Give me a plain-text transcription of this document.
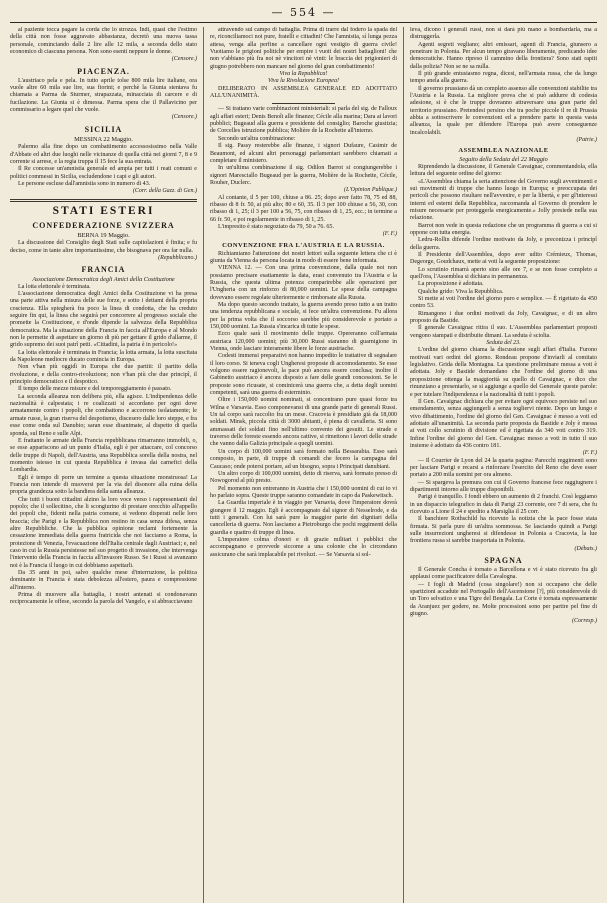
— 554 —

al paziente tocca pagare la corda che lo strozza. Indi, quasi che l'estimo della città non fosse aggravato abbastanza, decretò una nuova tassa personale, cominciando dalle 2 lire alle 12 mila, a seconda dello stato economico di ciascuna persona. Non sono esenti neppure le donne.

(Censore.)
PIACENZA.

L'austriaco pela e pela. In tutto aprile tolse 800 mila lire italiane, ora vuole altre 60 mila sue lire, sua fiorini; e perchè la Giunta stentava fu chiamata a Parma da Sturmer, strapazzata, minacciata di carcere e di fucilazione. La Giunta si è dimessa. Parma spera che il Pallavicino per commissario a legare quel che vuole.

(Censore.)
SICILIA
MESSINA 22 Maggio.

Palermo alla fine dopo un combattimento accessosissimo nella Valle d'Abbate ed altri due luoghi nelle vicinanze di quella città nei giorni 7, 8 e 9 corrente si arrese, e la regia truppa il 15 fece la sua entrata.

Il Re concesse un'amnistia generale ed ampia per tutti i reati comuni e politici commessi in Sicilia, escludendone i capi e gli autori.

Le persone escluse dall'amnistia sono in numero di 43.

(Corr. della Gazz. di Gen.)
STATI ESTERI
CONFEDERAZIONE SVIZZERA
BERNA 19 Maggio.

La discussione del Consiglio degli Stati sulle capitolazioni è finita; e fu deciso, come in tante altre importantissime, che bisognava per ora far nulla.

(Repubblicano.)
FRANCIA
Associazione Democratica degli Amici della Costituzione

La lotta elettorale è terminata.

L'associazione democratica degli Amici della Costituzione vi ha presa una parte attiva nella misura delle sue forze, e sotto i dettami della propria coscienza. Ella spiegherà fra poco la linea di condotta, che ha creduto seguire fin qui, la linea che seguirà per concorrere al progresso sociale che promette la Costituzione, e d'onde dipende la salvezza della Repubblica democratica. Ma la situazione della Francia in faccia all'Europa e al Mondo non le permette di aspettare un giorno di più per gettare il grido d'allarme, il grido supremo dei suoi patrî petti. «Cittadini, la patria è in pericolo!»

La lotta elettorale è terminata in Francia; la lotta armata, la lotta suscitata da Napoleone mediocre ducato comincia in Europa.

Non v'han più oggidì in Europa che due partiti: il partito della rivoluzione, e della contro-rivoluzione; non v'han più che due principî, il principio democratico e il despotico.

Il tempo delle mezze misure e del temporeggiamento è passato.

La seconda alleanza non delibera più, ella agisce. L'indipendenza delle nazionalità è calpestata; i re coalizzati si accordano per ogni dove armatamente contro i popoli, che combattono e accorrono isolatamente; le armate russe, la gran riserva del despotismo, discesero dalle loro steppe, e fra esse come onda sul Danubio; saran esse disanimate, al dispetto di quella sponda, sul Reno e sulle Alpi.

E frattanto le armate della Francia repubblicana rimarranno immobili, o, se esse appariscono ad un punto d'Italia, egli è per attaccare, col concorso delle truppe di Napoli, dell'Austria, una Repubblica sorella della nostra, nel momento istesso in cui questa Repubblica è invasa dai carnefici della Lombardia.

Egli è tempo di porre un termine a questa situazione monstruosa! La Francia non intende di muoversi per la via del disonore alla ruina della propria grandezza sotto la bandiera della santa alleanza.

Che tutti i buoni cittadini alzino la loro voce verso i rappresentanti del popolo; che il sollecitino, che li scongiurino di prestare orecchio all'appello dei popoli che, fidenti nella patria comune, si vedono disperati nelle loro braccia; che Parigi e la Repubblica non restino in casa senza difesa, senza altre Repubbliche. Che la pubblica opinione reclami fortemente la cessazione immediata della guerra fratricida che noi facciamo a Roma, la protezione di Venezia, l'evacuazione dell'Italia centrale dagli Austriaci; e, nel caso in cui la Russia persistesse nel suo progetto di invasione, che intervenga l'intervento della Francia in faccia all'invasore Russo. Se i Russi si avanzano noi è la Francia il luogo in cui dobbiamo aspettarli.

Da 35 anni in poi, salvo qualche mese d'interruzione, la politica dominante in Francia è stata debolezza all'estero, paura e compressione all'interno.

Prima di muovere alla battaglia, i nostri antenati si condonavano reciprocamente le offese, secondo la parola del Vangelo, e si abbracciavano

attravendo sul campo di battaglia. Prima di trarre dal fodero la spada del re, riconciliamoci noi pure, fratelli e cittadini! Che l'amnistia, sì lunga pezza attesa, venga alla perfine a cancellare ogni vestigio di guerra civile! Vuotiamo le prigioni politiche per empire i vuoti dei nostri battaglioni! che non v'abbiano più fra noi nè vincitori nè vinti: le braccia dei prigionieri di giugno potrebbero non mancare nel giorno del gran combattimento!

Viva la Repubblica!

Viva la Rivoluzione Europea!

DELIBERATO IN ASSEMBLEA GENERALE ED ADOTTATO ALL'UNANIMITÀ.

— Si trattano varie combinazioni ministeriali: si parla del sig. de Falloux agli affari esteri; Denis Benoît alle finanze; Cécile alla marina; Dara ai lavori pubblici; Bugeaud alla guerra e presidente del consiglio; Baroche giustizia; de Corcelles istruzione pubblica; Molière de la Rochette all'interno.

Secondo un'altra combinazione:

Il sig. Passy resterebbe alle finanze, i signori Dufaure, Casimir de Beaumont, ed alcuni altri personaggi parlamentari sarebbero chiamati a completare il ministero.

In un'ultima combinazione il sig. Odilon Barrot si congiungerebbe i signori Maresciallo Bugeaud per la guerra, Molière de la Rochette, Cécile, Rouher, Duclerc.

(L'Opinion Publique.)

Al contante, il 5 per 100, chiuse a 86. 25; dopo aver fatto 78, 75 ed 88, ribasso di 8 fr. 50, ai più alto; 80 e 60, 35. Il 3 per 100 chiuse a 56, 30, con ribasso di 1, 25; il 3 per 100 a 56, 75, con ribasso di 1, 25, ecc.; in termine a 66 fr. 50, e poi regolarmente in ribasso di 1, 25.

L'impresito è stato negoziato da 79, 50 a 76. 65.

(F. F.)
CONVENZIONE FRA L'AUSTRIA E LA RUSSIA.

Richiamiamo l'attenzione dei nostri lettori sulla seguente lettera che ci è giunta da Vienna da persona locata in modo di essere bene informata.

VIENNA 12. — Con una prima convenzione, dalla quale noi non possiamo precisare esattamente la data, erasi convenuto tra l'Austria e la Russia, che questa ultima potenza comparirebbe alle operazioni per l'Ungheria con un rinforzo di 80,000 uomini. Le spese della campagna dovevano essere regolate ulteriormente e rimborsate alla Russia.

Ma dopo questo secondo trattato, la guerra avendo preso tutto a un tratto una tendenza repubblicana e sociale, si fece un'altra convenzione. Fu allora per la prima volta che il soccorso sarebbe più considerevole e portato a 150,000 uomini. La Russia s'incarica di tutte le spese.

Ecco quale sarà il movimento delle truppe. Opereranno coll'armata austriaca 120,000 uomini; più 30,000 Russi staranno di guarnigione in Vienna, onde lasciare interamente libere le forze austriache.

Codesti immensi preparativi non hanno impedito le trattative di segnalare il loro corso. Si teneva cogli Ungheresi proposte di accomodamento. Se esse volgono essere ragionevoli, la pace può ancora essere conclusa; inoltre il Gabinetto austriaco è ancora disposto a fare delle grandi concessioni. Se le proposte sono ricusate, si cominicerà una guerra che, a detta degli uomini competenti, sarà una guerra di esterminio.

Oltre i 150,000 uomini nominati, si concentrano pure quasi forze tra Wilna e Varsavia. Esso componevansi di una grande parte di generali Russi. Un tal corpo sarà raccolto fra un mese. Cracovia è presidiato già da 18,000 soldati. Minsk, piccola città di 3000 abitanti, è piena di cavalleria. Si sono ammassati dei soldati fino nell'ultimo convento dei gesuiti. Le strade e traverso delle foreste essendo ancora cattive, si rimettono i lavori delle strade che vanno dalla Galizia principale a quegli uomini.

Un corpo di 100,000 uomini sarà formato nella Bessarabia. Esso sarà composto, in parte, di truppe di comandi che fecero la campagna del Caucaso; onde potersi portare, ad un bisogno, sopra i Principati danubiani.

Un altro corpo di 100,000 uomini, detto di riserva, sarà formato presso di Nowogorod al più presto.

Pel momento non entreranno in Austria che i 150,000 uomini di cui io vi ho parlato sopra. Queste truppe saranno comandate in capo da Paskewitsch.

La Guardia imperiale è in viaggio per Varsavia, dove l'imperatore dovrà giungere il 12 maggio. Egli è accompagnato dal signor di Nesselrode, e da tutti i generali. Con lui sarà pure la maggior parte dei dignitari della cancelleria di guerra. Non lasciamo a Pietroburgo che pochi reggimenti della guardia e quattro di truppe di linea.

L'imperatore colma d'onori e di grazie militari i pubblici che accompagnano e provvede siccome a una colonie che lo circondano assicurano che sarà implacabile pei rivoluzi. — Se Varsavia si sol-

leva, dicono i generali russi, non si darà più mano a bombardarla, ma a distruggerla.

Agenti segreti vegliano; altri emissari, agenti di Francia, giunsero a penetrare in Polonia. Per alcun tempo giravano liberamente, predicando idee democratiche. Hanno ripreso il cammino della frontiera? Sono stati rapiti dalla polizia? Non se ne sa nulla.

Il più grande entusiasmo regna, dicesi, nell'armata russa, che da lungo tempo anela alla guerra.

Il governo prussiano dà un completo assenso alle convenzioni stabilite tra l'Austria e la Russia. La migliore prova che si può addurre di codesta adesione, si è che le truppe dovranno attraversare una gran parte del territorio prussiano. Pretendesi persino che tra poche piccole il re di Prussia abbia a sottoscrivere le convenzioni ed a prendere parte in questa vasta alleanza, la quale per difendere l'Europa può avere conseguenze incalcolabili.

(Patrie.)
ASSEMBLEA NAZIONALE
Seguito della Seduta del 22 Maggio

Riprendendo la discussione, il Generale Cavaignac, commentandola, ella lettura del seguente ordine del giorno:

«L'Assemblea chiama la seria attenzione del Governo sugli avvenimenti e sui movimenti di truppe che hanno luogo in Europa; e preoccupata dei pericoli che possono risultare nell'avvenire, e per la libertà, e per gl'interessi interni ed esterni della Repubblica, raccomanda al Governo di prendere le misure necessarie per proteggerla energicamente.» Jolly presiede nella sua relazione.

Barrot non vede in questa redazione che un programma di guerra a cui si oppone con tutta energia.

Ledru-Rollin difende l'ordine motivato da Joly, e preconizza i principî della guerra.

Il Presidente dell'Assemblea, dopo aver udito Crémieux, Thomas, Degeorge, Goudchaux, mette ai voti la seguente proposizione:

Lo scrutinio rimarrà aperto sino alle ore 7, e se non fosse completo a quell'ora, l'Assemblea si dichiara in permanenza.

La proposizione è adottata.

Qualche grido: Viva la Repubblica.

Si mette ai voti l'ordine del giorno puro e semplice. — È rigettato da 450 contro 53.

Rimangono i due ordini motivati da Joly, Cavaignac, e di un altro proposto da Bastide.

Il generale Cavaignac ritira il suo. L'Assemblea parlamentari proposti vengono stampati e distribuite dimani. La seduta è sciolta.

Seduta del 23.

L'ordine del giorno chiama la discussione sugli affari d'Italia. Furono motivati vari ordini del giorno. Rondeau propone d'inviarli al comitato legislativo. Grida della Montagna. La questione preliminare messa a voti è adottata. Joly e Bastide domandano che l'ordine del giorno di una proposizione ottenga la maggiorità su quello di Cavaignac, e dico che rinunziano a presentarlo, se si aggiunge a quello del Generale queste parole: e per tutelare l'indipendenza e la nazionalità di tutti i popoli.

Il Gen. Cavaignac dichiara che per evitare ogni equivoco persiste nel suo emendamento, senza aggiungerli a senza togliervi niente. Dopo un lungo e vivo dibattimento, l'ordine del giorno del Gen. Cavaignac è messo a voti ed adottato all'unanimità. La seconda parte proposta da Bastide e Joly è messa ai voti collo scrutinio di divisione ed è rigettata da 340 voti contro 319. Infine l'ordine del giorno del Gen. Cavaignac messo a voti in tutto il suo insieme è adottato da 436 contro 181.

(F. F.)

— Il Courrier de Lyon del 24 la quarta pagina: Parecchi reggimenti sono per lasciare Parigi e recarsi a rinforzare l'esercito del Reno che deve esser portato a 200 mila uomini per ora almeno.

— Si spargeva la premura con cui il Governo francese fece raggiugnere i dipartimenti intorno alle truppe disponibili.

Parigi è tranquillo. I fondi ebbero un aumento di 2 franchi. Così leggiamo in un dispaccio telegrafico in data di Parigi 23 corrente, ore 7 di sera, che fu ricevuto a Lione il 24 e spedito a Marsiglia il 25 corr.

Il banchiere Rothschild ha ricevuto la notizia che la pace fosse stata firmata. Si parla pure di un'altra sommossa. Se lasciando quindi a Parigi sulle insurrezioni ungheresi si difendesse in Polonia a Cracovia, la lue frontiera russa si sarebbe trasportata in Polonia.

(Débats.)
SPAGNA

Il Generale Concha è tornato a Barcellona e vi è stato ricevuto fra gli applausi come pacificatore della Cavalogna.

— I fogli di Madrid (cosa singolare!) non si occupano che delle spartizioni accadute nel Portogallo dell'Ascensione [?], più considerevole di un Toro selvatico e una Tigre del Bengala. La Corte è tornata espressamente da Aranjuez per godere, ne. Molte processioni sono per partire pel fine di giugno.

(Corresp.)
